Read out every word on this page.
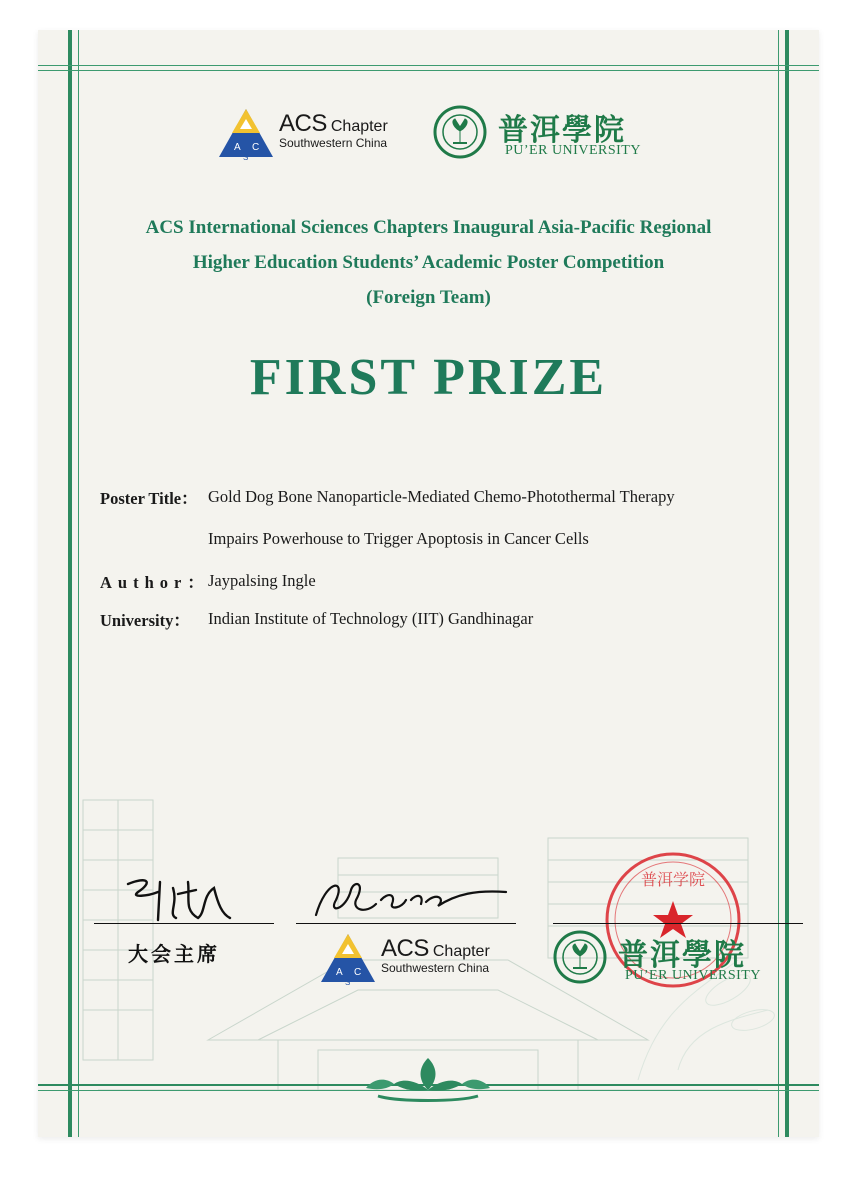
A C
S
ACS Chapter
Southwestern China	普洱學院
PU’ER UNIVERSITY
ACS International Sciences Chapters Inaugural Asia-Pacific Regional
Higher Education Students’ Academic Poster Competition
(Foreign Team)
FIRST PRIZE
Poster Title： Gold Dog Bone Nanoparticle-Mediated Chemo-Photothermal Therapy
Impairs Powerhouse to Trigger Apoptosis in Cancer Cells
Author：
Jaypalsing Ingle
University：	Indian Institute of Technology (IIT) Gandhinagar
普洱学院
大会主席
A C
S
ACS Chapter
Southwestern China	普洱學院
PU’ER UNIVERSITY
